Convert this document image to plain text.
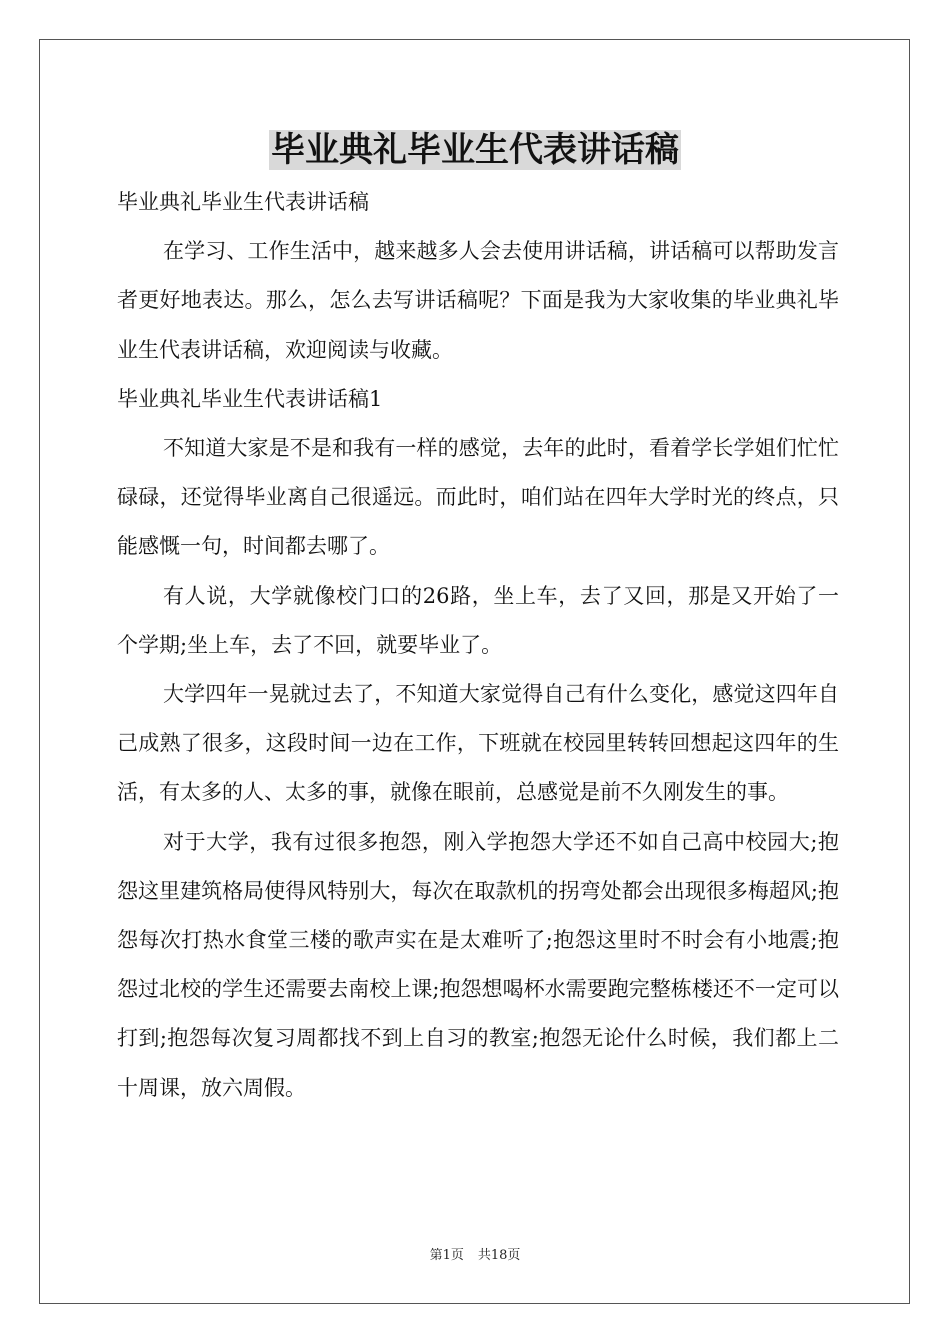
毕业典礼毕业生代表讲话稿

毕业典礼毕业生代表讲话稿

在学习、工作生活中，越来越多人会去使用讲话稿，讲话稿可以帮助发言者更好地表达。那么，怎么去写讲话稿呢？下面是我为大家收集的毕业典礼毕业生代表讲话稿，欢迎阅读与收藏。

毕业典礼毕业生代表讲话稿1

不知道大家是不是和我有一样的感觉，去年的此时，看着学长学姐们忙忙碌碌，还觉得毕业离自己很遥远。而此时，咱们站在四年大学时光的终点，只能感慨一句，时间都去哪了。

有人说，大学就像校门口的26路，坐上车，去了又回，那是又开始了一个学期;坐上车，去了不回，就要毕业了。

大学四年一晃就过去了，不知道大家觉得自己有什么变化，感觉这四年自己成熟了很多，这段时间一边在工作，下班就在校园里转转回想起这四年的生活，有太多的人、太多的事，就像在眼前，总感觉是前不久刚发生的事。

对于大学，我有过很多抱怨，刚入学抱怨大学还不如自己高中校园大;抱怨这里建筑格局使得风特别大，每次在取款机的拐弯处都会出现很多梅超风;抱怨每次打热水食堂三楼的歌声实在是太难听了;抱怨这里时不时会有小地震;抱怨过北校的学生还需要去南校上课;抱怨想喝杯水需要跑完整栋楼还不一定可以打到;抱怨每次复习周都找不到上自习的教室;抱怨无论什么时候，我们都上二十周课，放六周假。

第1页 共18页
